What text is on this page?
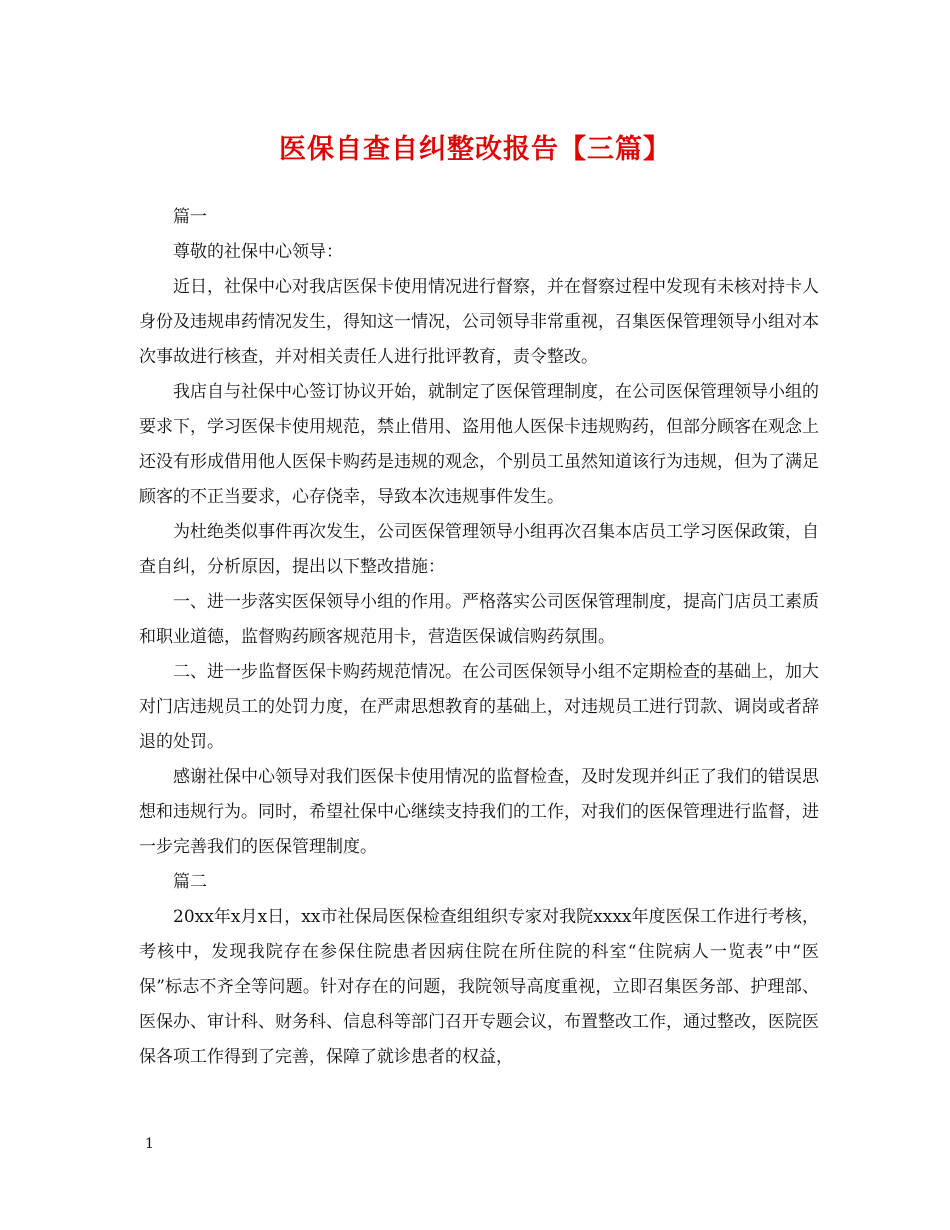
医保自查自纠整改报告【三篇】

篇一

尊敬的社保中心领导：

近日，社保中心对我店医保卡使用情况进行督察，并在督察过程中发现有未核对持卡人身份及违规串药情况发生，得知这一情况，公司领导非常重视，召集医保管理领导小组对本次事故进行核查，并对相关责任人进行批评教育，责令整改。

我店自与社保中心签订协议开始，就制定了医保管理制度，在公司医保管理领导小组的要求下，学习医保卡使用规范，禁止借用、盗用他人医保卡违规购药，但部分顾客在观念上还没有形成借用他人医保卡购药是违规的观念，个别员工虽然知道该行为违规，但为了满足顾客的不正当要求，心存侥幸，导致本次违规事件发生。

为杜绝类似事件再次发生，公司医保管理领导小组再次召集本店员工学习医保政策，自查自纠，分析原因，提出以下整改措施：

一、进一步落实医保领导小组的作用。严格落实公司医保管理制度，提高门店员工素质和职业道德，监督购药顾客规范用卡，营造医保诚信购药氛围。

二、进一步监督医保卡购药规范情况。在公司医保领导小组不定期检查的基础上，加大对门店违规员工的处罚力度，在严肃思想教育的基础上，对违规员工进行罚款、调岗或者辞退的处罚。

感谢社保中心领导对我们医保卡使用情况的监督检查，及时发现并纠正了我们的错误思想和违规行为。同时，希望社保中心继续支持我们的工作，对我们的医保管理进行监督，进一步完善我们的医保管理制度。

篇二

20xx年x月x日，xx市社保局医保检查组组织专家对我院xxxx年度医保工作进行考核，考核中，发现我院存在参保住院患者因病住院在所住院的科室“住院病人一览表”中“医保”标志不齐全等问题。针对存在的问题，我院领导高度重视，立即召集医务部、护理部、医保办、审计科、财务科、信息科等部门召开专题会议，布置整改工作，通过整改，医院医保各项工作得到了完善，保障了就诊患者的权益，

1
